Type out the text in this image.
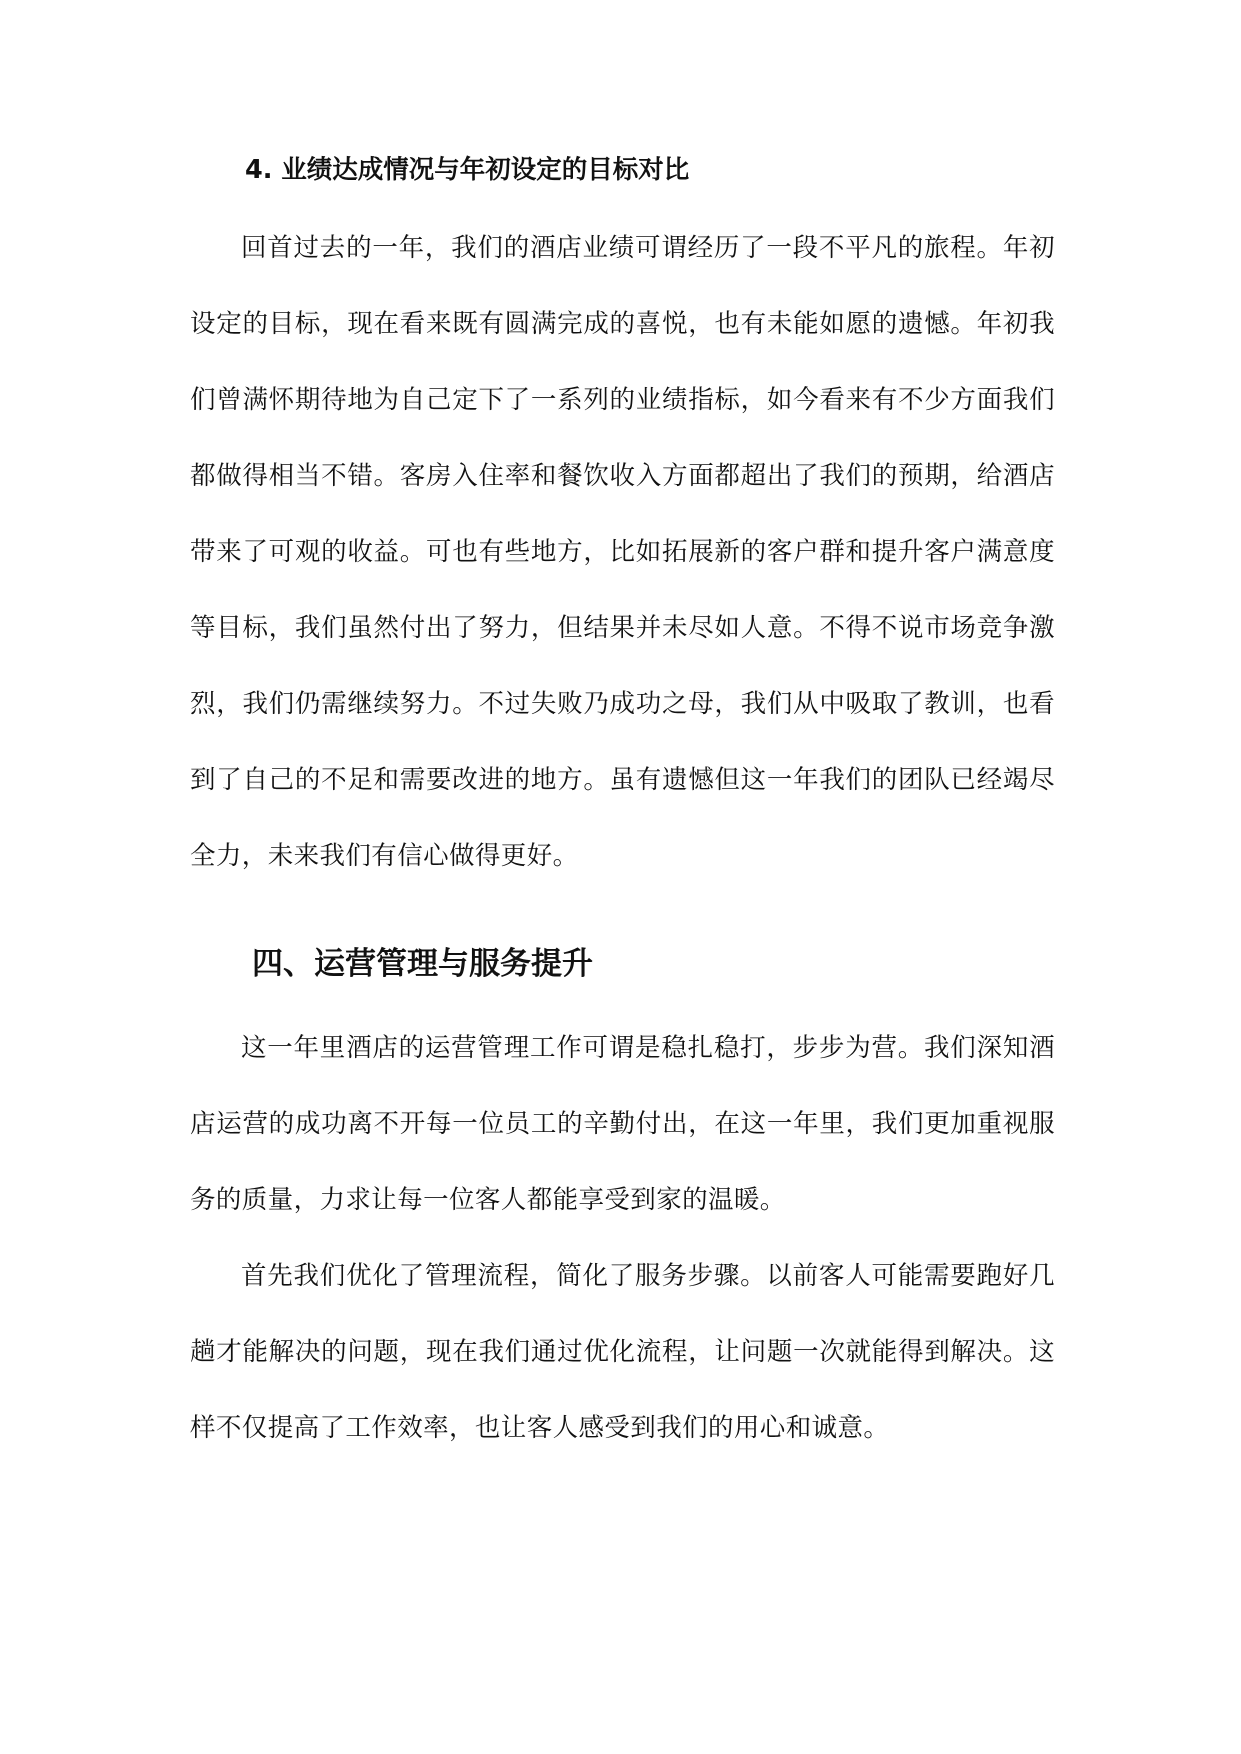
4. 业绩达成情况与年初设定的目标对比

回首过去的一年，我们的酒店业绩可谓经历了一段不平凡的旅程。年初设定的目标，现在看来既有圆满完成的喜悦，也有未能如愿的遗憾。年初我们曾满怀期待地为自己定下了一系列的业绩指标，如今看来有不少方面我们都做得相当不错。客房入住率和餐饮收入方面都超出了我们的预期，给酒店带来了可观的收益。可也有些地方，比如拓展新的客户群和提升客户满意度等目标，我们虽然付出了努力，但结果并未尽如人意。不得不说市场竞争激烈，我们仍需继续努力。不过失败乃成功之母，我们从中吸取了教训，也看到了自己的不足和需要改进的地方。虽有遗憾但这一年我们的团队已经竭尽全力，未来我们有信心做得更好。

四、运营管理与服务提升

这一年里酒店的运营管理工作可谓是稳扎稳打，步步为营。我们深知酒店运营的成功离不开每一位员工的辛勤付出，在这一年里，我们更加重视服务的质量，力求让每一位客人都能享受到家的温暖。

首先我们优化了管理流程，简化了服务步骤。以前客人可能需要跑好几趟才能解决的问题，现在我们通过优化流程，让问题一次就能得到解决。这样不仅提高了工作效率，也让客人感受到我们的用心和诚意。
